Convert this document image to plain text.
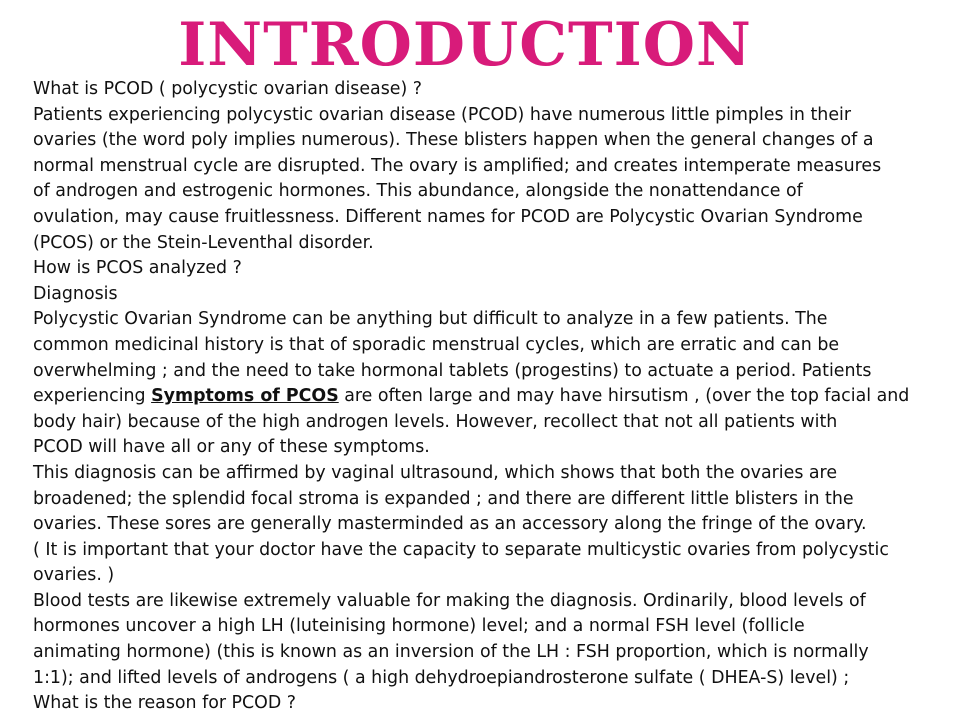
INTRODUCTION
What is PCOD ( polycystic ovarian disease) ?
Patients experiencing polycystic ovarian disease (PCOD) have numerous little pimples in their
ovaries (the word poly implies numerous). These blisters happen when the general changes of a
normal menstrual cycle are disrupted. The ovary is amplified; and creates intemperate measures
of androgen and estrogenic hormones. This abundance, alongside the nonattendance of
ovulation, may cause fruitlessness. Different names for PCOD are Polycystic Ovarian Syndrome
(PCOS) or the Stein-Leventhal disorder.
How is PCOS analyzed ?
Diagnosis
Polycystic Ovarian Syndrome can be anything but difficult to analyze in a few patients. The
common medicinal history is that of sporadic menstrual cycles, which are erratic and can be
overwhelming ; and the need to take hormonal tablets (progestins) to actuate a period. Patients
experiencing Symptoms of PCOS are often large and may have hirsutism , (over the top facial and
body hair) because of the high androgen levels. However, recollect that not all patients with
PCOD will have all or any of these symptoms.
This diagnosis can be affirmed by vaginal ultrasound, which shows that both the ovaries are
broadened; the splendid focal stroma is expanded ; and there are different little blisters in the
ovaries. These sores are generally masterminded as an accessory along the fringe of the ovary.
( It is important that your doctor have the capacity to separate multicystic ovaries from polycystic
ovaries. )
Blood tests are likewise extremely valuable for making the diagnosis. Ordinarily, blood levels of
hormones uncover a high LH (luteinising hormone) level; and a normal FSH level (follicle
animating hormone) (this is known as an inversion of the LH : FSH proportion, which is normally
1:1); and lifted levels of androgens ( a high dehydroepiandrosterone sulfate ( DHEA-S) level) ;
What is the reason for PCOD ?
